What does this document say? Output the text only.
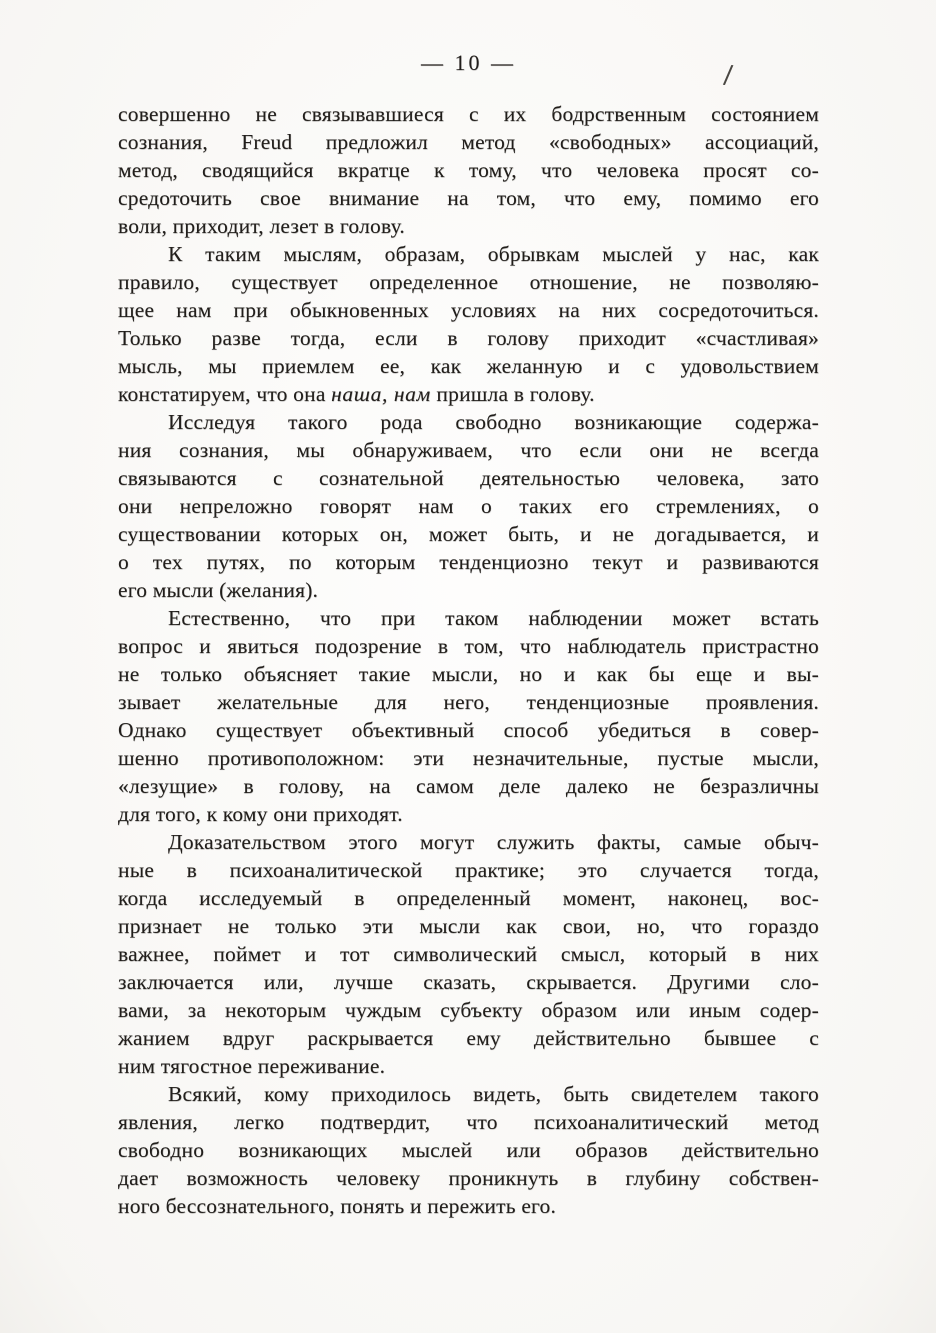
— 10 —	/
совершенно не связывавшиеся с их бодрственным состоянием
сознания, Freud предложил метод «свободных» ассоциаций,
метод, сводящийся вкратце к тому, что человека просят со-
средоточить свое внимание на том, что ему, помимо его
воли, приходит, лезет в голову.
К таким мыслям, образам, обрывкам мыслей у нас, как
правило, существует определенное отношение, не позволяю-
щее нам при обыкновенных условиях на них сосредоточиться.
Только разве тогда, если в голову приходит «счастливая»
мысль, мы приемлем ее, как желанную и с удовольствием
констатируем, что она наша, нам пришла в голову.
Исследуя такого рода свободно возникающие содержа-
ния сознания, мы обнаруживаем, что если они не всегда
связываются с сознательной деятельностью человека, зато
они непреложно говорят нам о таких его стремлениях, о
существовании которых он, может быть, и не догадывается, и
о тех путях, по которым тенденциозно текут и развиваются
его мысли (желания).
Естественно, что при таком наблюдении может встать
вопрос и явиться подозрение в том, что наблюдатель пристрастно
не только объясняет такие мысли, но и как бы еще и вы-
зывает желательные для него, тенденциозные проявления.
Однако существует объективный способ убедиться в совер-
шенно противоположном: эти незначительные, пустые мысли,
«лезущие» в голову, на самом деле далеко не безразличны
для того, к кому они приходят.
Доказательством этого могут служить факты, самые обыч-
ные в психоаналитической практике; это случается тогда,
когда исследуемый в определенный момент, наконец, вос-
признает не только эти мысли как свои, но, что гораздо
важнее, поймет и тот символический смысл, который в них
заключается или, лучше сказать, скрывается. Другими сло-
вами, за некоторым чуждым субъекту образом или иным содер-
жанием вдруг раскрывается ему действительно бывшее с
ним тягостное переживание.
Всякий, кому приходилось видеть, быть свидетелем такого
явления, легко подтвердит, что психоаналитический метод
свободно возникающих мыслей или образов действительно
дает возможность человеку проникнуть в глубину собствен-
ного бессознательного, понять и пережить его.
